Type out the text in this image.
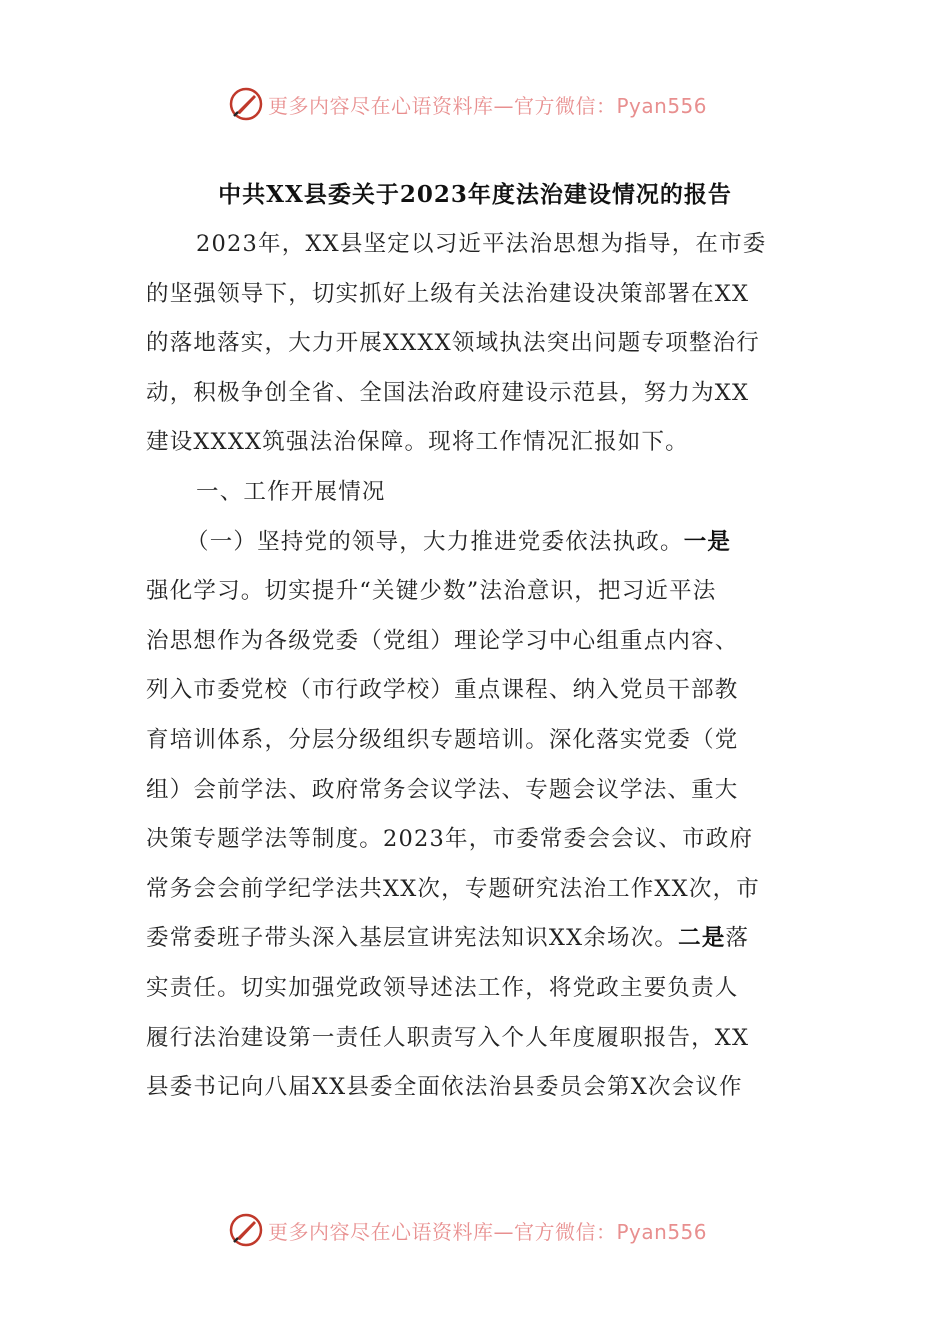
更多内容尽在心语资料库—官方微信：Pyan556
中共XX县委关于2023年度法治建设情况的报告
2023年，XX县坚定以习近平法治思想为指导，在市委
的坚强领导下，切实抓好上级有关法治建设决策部署在XX
的落地落实，大力开展XXXX领域执法突出问题专项整治行
动，积极争创全省、全国法治政府建设示范县，努力为XX
建设XXXX筑强法治保障。现将工作情况汇报如下。
一、工作开展情况
（一）坚持党的领导，大力推进党委依法执政。一是
强化学习。切实提升“关键少数”法治意识，把习近平法
治思想作为各级党委（党组）理论学习中心组重点内容、
列入市委党校（市行政学校）重点课程、纳入党员干部教
育培训体系，分层分级组织专题培训。深化落实党委（党
组）会前学法、政府常务会议学法、专题会议学法、重大
决策专题学法等制度。2023年，市委常委会会议、市政府
常务会会前学纪学法共XX次，专题研究法治工作XX次，市
委常委班子带头深入基层宣讲宪法知识XX余场次。二是落
实责任。切实加强党政领导述法工作，将党政主要负责人
履行法治建设第一责任人职责写入个人年度履职报告，XX
县委书记向八届XX县委全面依法治县委员会第X次会议作
更多内容尽在心语资料库—官方微信：Pyan556
